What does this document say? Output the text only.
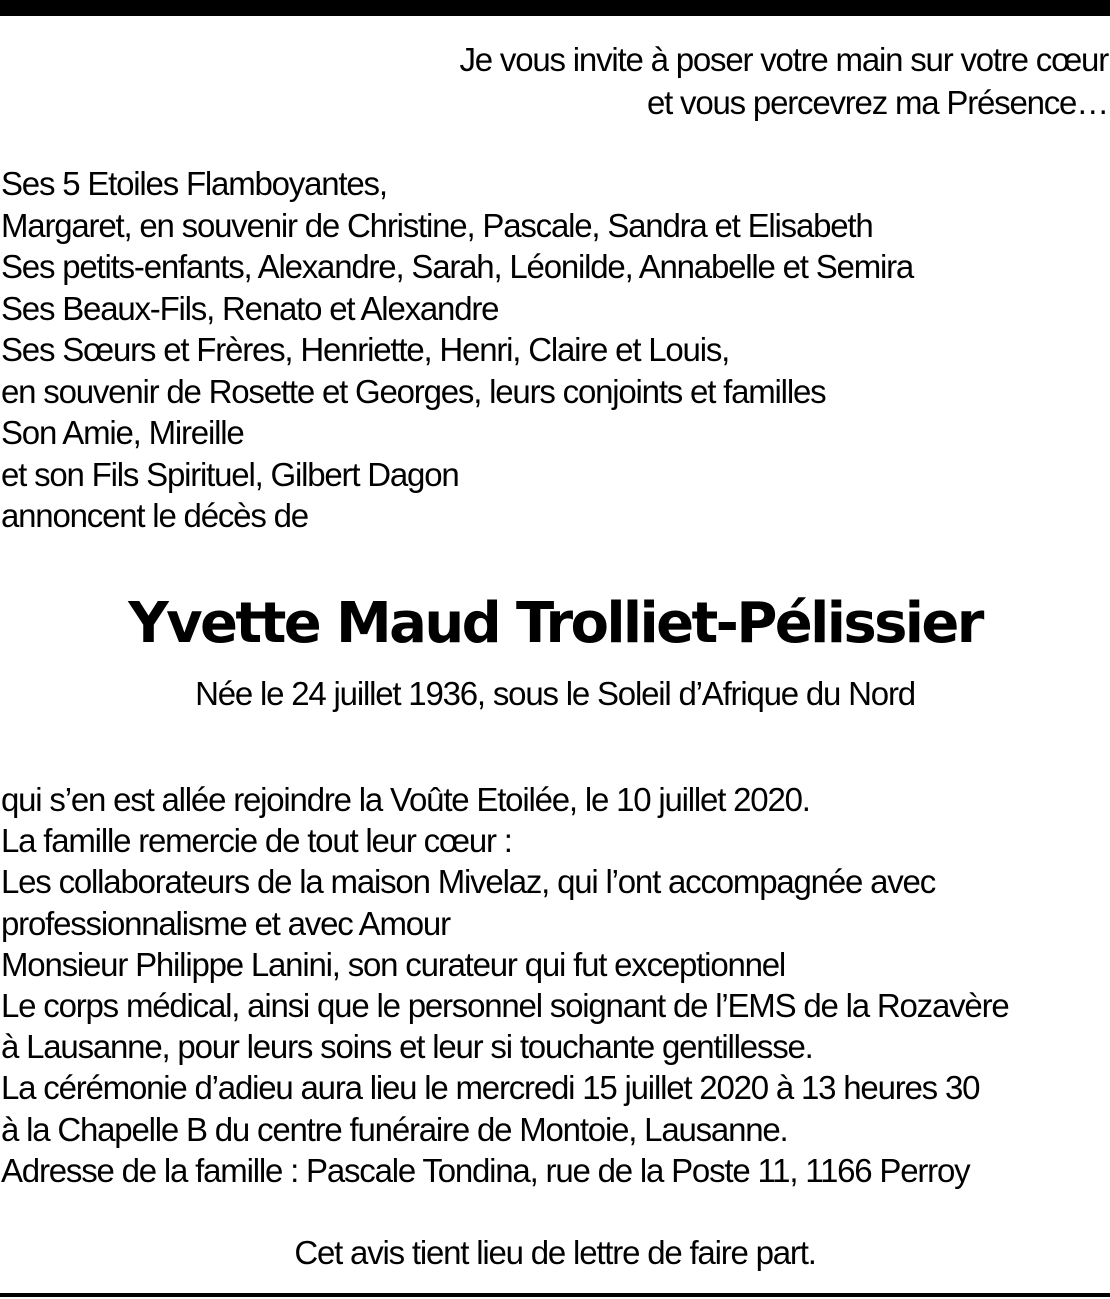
Je vous invite à poser votre main sur votre cœur
et vous percevrez ma Présence…
Ses 5 Etoiles Flamboyantes,
Margaret, en souvenir de Christine, Pascale, Sandra et Elisabeth
Ses petits-enfants, Alexandre, Sarah, Léonilde, Annabelle et Semira
Ses Beaux-Fils, Renato et Alexandre
Ses Sœurs et Frères, Henriette, Henri, Claire et Louis,
en souvenir de Rosette et Georges, leurs conjoints et familles
Son Amie, Mireille
et son Fils Spirituel, Gilbert Dagon
annoncent le décès de
Yvette Maud Trolliet-Pélissier
Née le 24 juillet 1936, sous le Soleil d’Afrique du Nord
qui s’en est allée rejoindre la Voûte Etoilée, le 10 juillet 2020.
La famille remercie de tout leur cœur :
Les collaborateurs de la maison Mivelaz, qui l’ont accompagnée avec
professionnalisme et avec Amour
Monsieur Philippe Lanini, son curateur qui fut exceptionnel
Le corps médical, ainsi que le personnel soignant de l’EMS de la Rozavère
à Lausanne, pour leurs soins et leur si touchante gentillesse.
La cérémonie d’adieu aura lieu le mercredi 15 juillet 2020 à 13 heures 30
à la Chapelle B du centre funéraire de Montoie, Lausanne.
Adresse de la famille : Pascale Tondina, rue de la Poste 11, 1166 Perroy
Cet avis tient lieu de lettre de faire part.
